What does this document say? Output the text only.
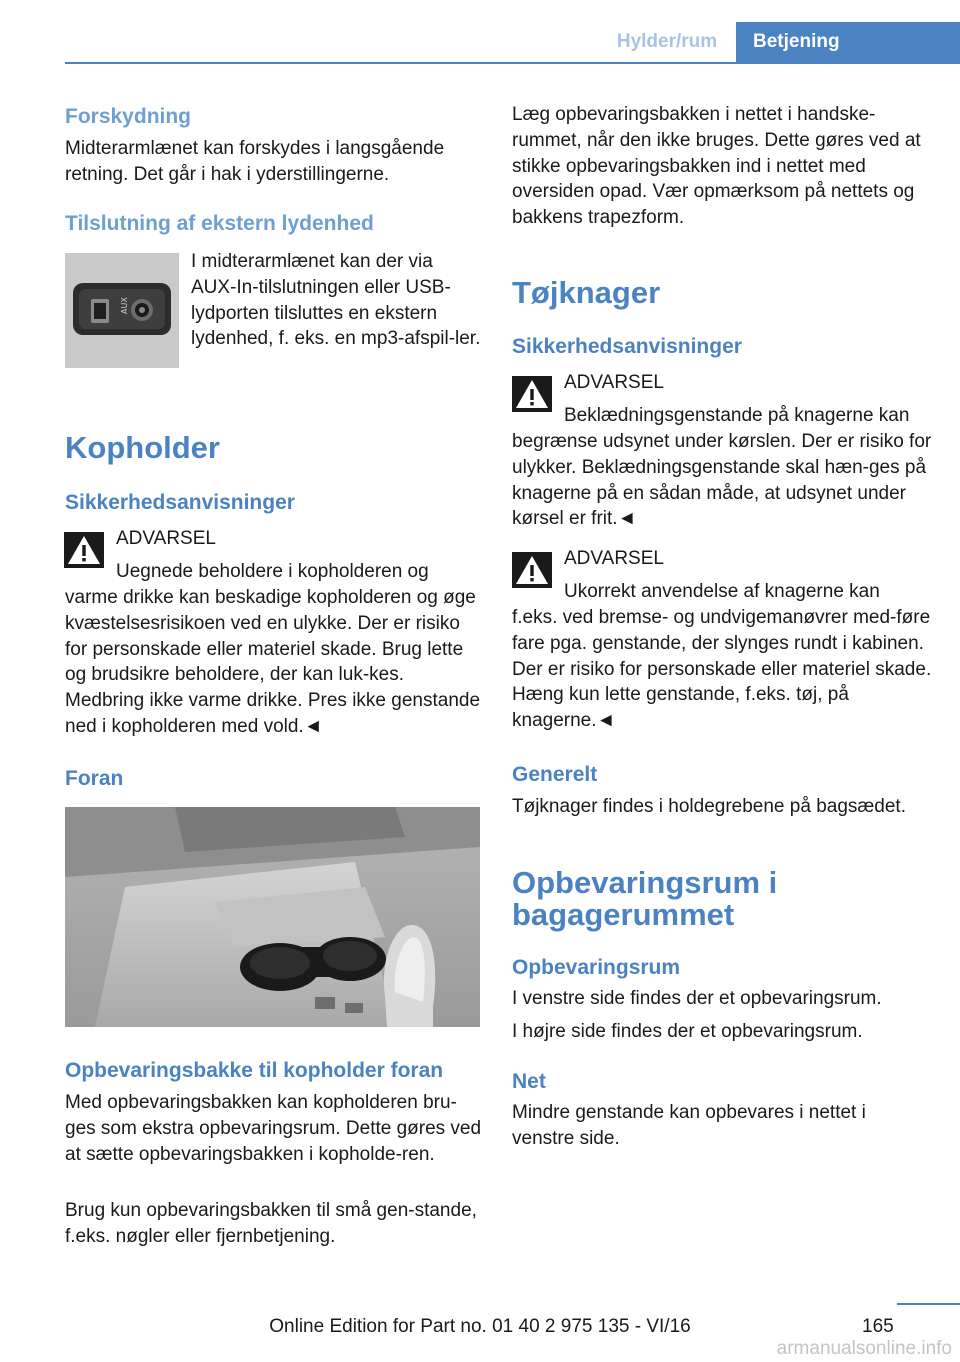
Hylder/rum	Betjening
Forskydning
Midterarmlænet kan forskydes i langsgående retning. Det går i hak i yderstillingerne.
Tilslutning af ekstern lydenhed
AUX
I midterarmlænet kan der via AUX-In-tilslutningen eller USB-lydporten tilsluttes en ekstern lydenhed, f. eks. en mp3-afspil-ler.
Kopholder
Sikkerhedsanvisninger
ADVARSEL
Uegnede beholdere i kopholderen og
varme drikke kan beskadige kopholderen og øge kvæstelsesrisikoen ved en ulykke. Der er risiko for personskade eller materiel skade. Brug lette og brudsikre beholdere, der kan luk-kes. Medbring ikke varme drikke. Pres ikke genstande ned i kopholderen med vold.◄
Foran
Opbevaringsbakke til kopholder foran
Med opbevaringsbakken kan kopholderen bru-ges som ekstra opbevaringsrum. Dette gøres ved at sætte opbevaringsbakken i kopholde-ren.
Brug kun opbevaringsbakken til små gen-stande, f.eks. nøgler eller fjernbetjening.
Læg opbevaringsbakken i nettet i handske-rummet, når den ikke bruges. Dette gøres ved at stikke opbevaringsbakken ind i nettet med oversiden opad. Vær opmærksom på nettets og bakkens trapezform.
Tøjknager
Sikkerhedsanvisninger
ADVARSEL
Beklædningsgenstande på knagerne kan
begrænse udsynet under kørslen. Der er risiko for ulykker. Beklædningsgenstande skal hæn-ges på knagerne på en sådan måde, at udsynet under kørsel er frit.◄
ADVARSEL
Ukorrekt anvendelse af knagerne kan
f.eks. ved bremse- og undvigemanøvrer med-føre fare pga. genstande, der slynges rundt i kabinen. Der er risiko for personskade eller materiel skade. Hæng kun lette genstande, f.eks. tøj, på knagerne.◄
Generelt
Tøjknager findes i holdegrebene på bagsædet.
Opbevaringsrum i
bagagerummet
Opbevaringsrum
I venstre side findes der et opbevaringsrum.
I højre side findes der et opbevaringsrum.
Net
Mindre genstande kan opbevares i nettet i venstre side.
165
Online Edition for Part no. 01 40 2 975 135 - VI/16
armanualsonline.info
